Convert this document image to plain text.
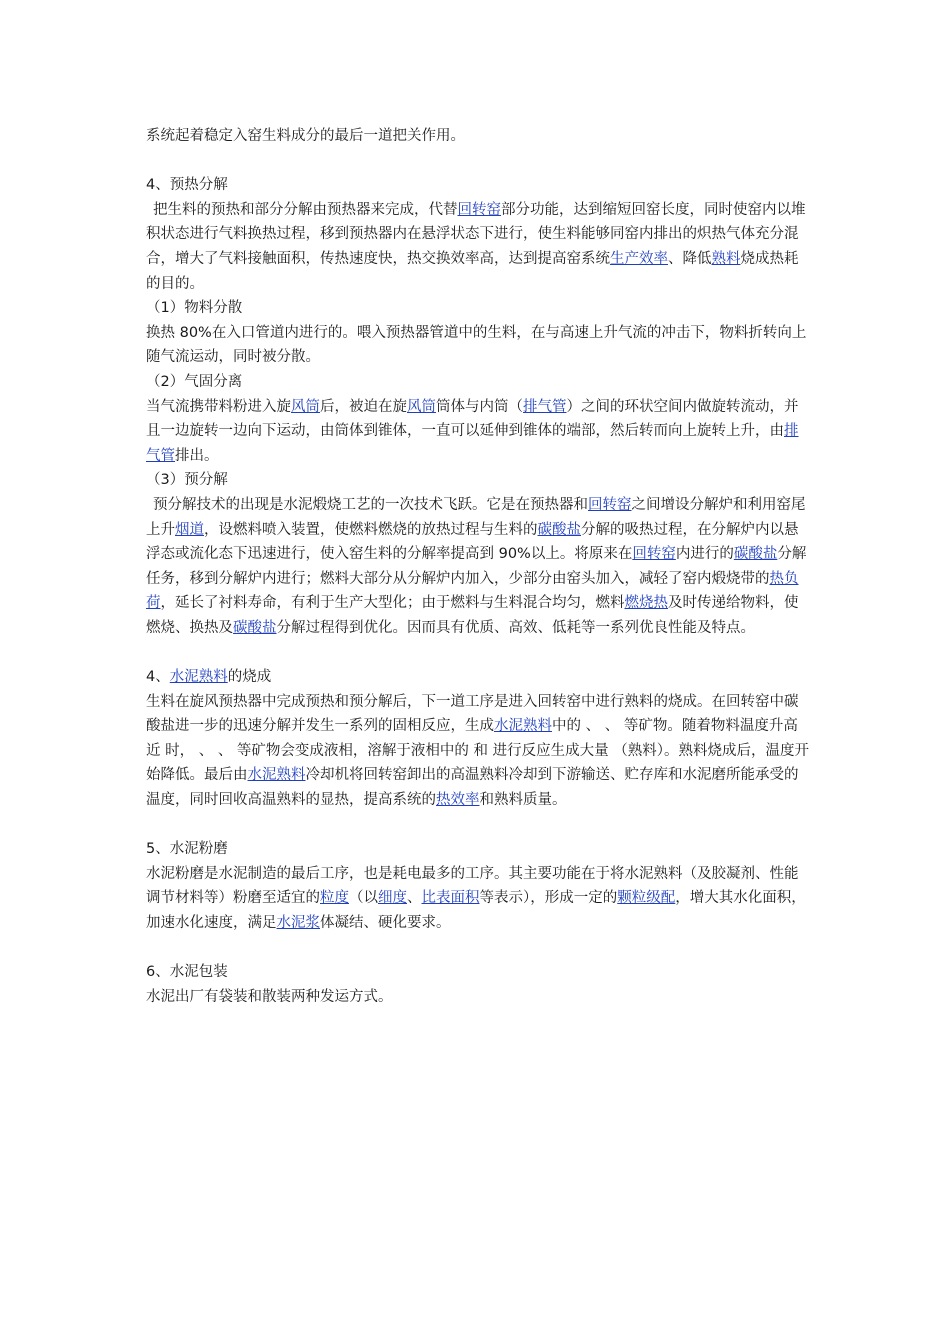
系统起着稳定入窑生料成分的最后一道把关作用。

4、预热分解

把生料的预热和部分分解由预热器来完成，代替回转窑部分功能，达到缩短回窑长度，同时使窑内以堆积状态进行气料换热过程，移到预热器内在悬浮状态下进行，使生料能够同窑内排出的炽热气体充分混合，增大了气料接触面积，传热速度快，热交换效率高，达到提高窑系统生产效率、降低熟料烧成热耗的目的。

（1）物料分散

换热 80%在入口管道内进行的。喂入预热器管道中的生料，在与高速上升气流的冲击下，物料折转向上随气流运动，同时被分散。

（2）气固分离

当气流携带料粉进入旋风筒后，被迫在旋风筒筒体与内筒（排气管）之间的环状空间内做旋转流动，并且一边旋转一边向下运动，由筒体到锥体，一直可以延伸到锥体的端部，然后转而向上旋转上升，由排气管排出。

（3）预分解

预分解技术的出现是水泥煅烧工艺的一次技术飞跃。它是在预热器和回转窑之间增设分解炉和利用窑尾上升烟道，设燃料喷入装置，使燃料燃烧的放热过程与生料的碳酸盐分解的吸热过程，在分解炉内以悬浮态或流化态下迅速进行，使入窑生料的分解率提高到 90%以上。将原来在回转窑内进行的碳酸盐分解任务，移到分解炉内进行；燃料大部分从分解炉内加入，少部分由窑头加入，减轻了窑内煅烧带的热负荷，延长了衬料寿命，有利于生产大型化；由于燃料与生料混合均匀，燃料燃烧热及时传递给物料，使燃烧、换热及碳酸盐分解过程得到优化。因而具有优质、高效、低耗等一系列优良性能及特点。

4、水泥熟料的烧成

生料在旋风预热器中完成预热和预分解后，下一道工序是进入回转窑中进行熟料的烧成。在回转窑中碳酸盐进一步的迅速分解并发生一系列的固相反应，生成水泥熟料中的 、 、 等矿物。随着物料温度升高近 时， 、 、 等矿物会变成液相，溶解于液相中的 和 进行反应生成大量 （熟料）。熟料烧成后，温度开始降低。最后由水泥熟料冷却机将回转窑卸出的高温熟料冷却到下游输送、贮存库和水泥磨所能承受的温度，同时回收高温熟料的显热，提高系统的热效率和熟料质量。

5、水泥粉磨

水泥粉磨是水泥制造的最后工序，也是耗电最多的工序。其主要功能在于将水泥熟料（及胶凝剂、性能调节材料等）粉磨至适宜的粒度（以细度、比表面积等表示），形成一定的颗粒级配，增大其水化面积，加速水化速度，满足水泥浆体凝结、硬化要求。

6、水泥包装

水泥出厂有袋装和散装两种发运方式。
